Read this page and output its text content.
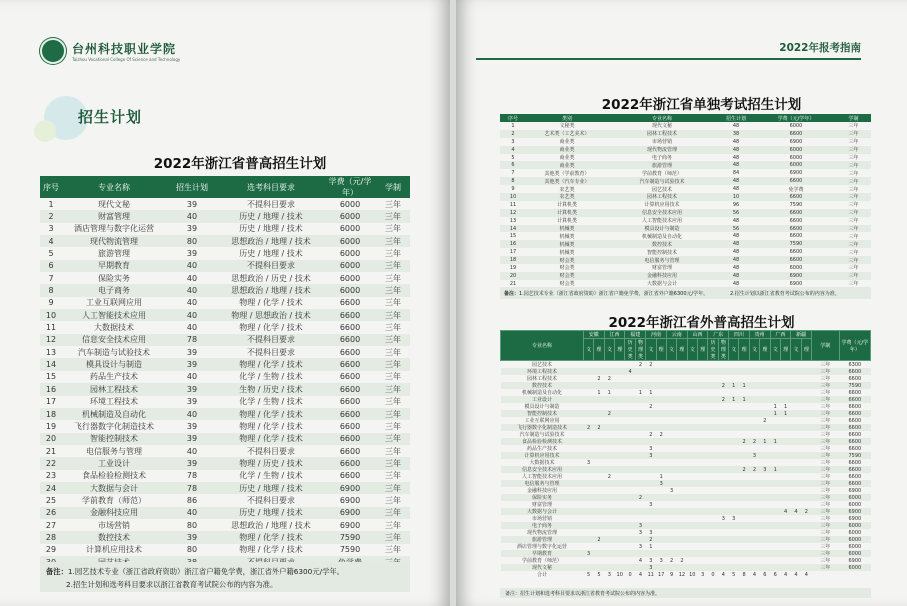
台州科技职业学院
Taizhou Vocational College Of Science and Technology
招生计划
2022年浙江省普高招生计划
序号	专业名称	招生计划	选考科目要求	学费（元/学年）	学制
1	现代文秘	39	不提科目要求	6000	三年
2	财富管理	40	历史 / 地理 / 技术	6000	三年
3	酒店管理与数字化运营	39	历史 / 地理 / 技术	6000	三年
4	现代物流管理	80	思想政治 / 地理 / 技术	6000	三年
5	旅游管理	39	历史 / 地理 / 技术	6000	三年
6	早期教育	40	不提科目要求	6000	三年
7	保险实务	40	思想政治 / 历史 / 技术	6000	三年
8	电子商务	40	思想政治 / 地理 / 技术	6000	三年
9	工业互联网应用	40	物理 / 化学 / 技术	6600	三年
10	人工智能技术应用	40	物理 / 思想政治 / 技术	6600	三年
11	大数据技术	40	物理 / 化学 / 技术	6600	三年
12	信息安全技术应用	78	不提科目要求	6600	三年
13	汽车制造与试验技术	39	不提科目要求	6600	三年
14	模具设计与制造	39	物理 / 化学 / 技术	6600	三年
15	药品生产技术	40	化学 / 生物 / 技术	6600	三年
16	园林工程技术	39	生物 / 历史 / 技术	6600	三年
17	环境工程技术	39	化学 / 生物 / 技术	6600	三年
18	机械制造及自动化	40	物理 / 化学 / 技术	6600	三年
19	飞行器数字化制造技术	39	物理 / 化学 / 技术	6600	三年
20	智能控制技术	39	物理 / 化学 / 技术	6600	三年
21	电信服务与管理	40	不提科目要求	6600	三年
22	工业设计	39	物理 / 历史 / 技术	6600	三年
23	食品检验检测技术	78	化学 / 生物 / 技术	6600	三年
24	大数据与会计	78	历史 / 地理 / 技术	6900	三年
25	学前教育（师范）	86	不提科目要求	6900	三年
26	金融科技应用	40	历史 / 地理 / 技术	6900	三年
27	市场营销	80	思想政治 / 地理 / 技术	6900	三年
28	数控技术	39	物理 / 化学 / 技术	7590	三年
29	计算机应用技术	80	物理 / 化学 / 技术	7590	三年

备注：1.园艺技术专业（浙江省政府资助）浙江省户籍免学费，浙江省外户籍6300元/学年。
2.招生计划和选考科目要求以浙江省教育考试院公布的内容为准。
2022年报考指南
2022年浙江省单独考试招生计划
序号	类别	专业名称	招生计划	学费（元/学年）	学制
1	文秘类	现代文秘	48	6000	三年
2	艺术类（工艺美术）	园林工程技术	38	6600	三年
3	商业类	市场营销	48	6900	三年
4	商业类	现代物流管理	48	6000	三年
5	商业类	电子商务	48	6000	三年
6	商业类	旅游管理	48	6000	三年
7	其他类（学前教育）	学前教育（师范）	84	6900	三年
8	其他类（汽车专业）	汽车制造与试验技术	48	6600	三年
9	农艺类	园艺技术	48	免学费	三年
10	农艺类	园林工程技术	10	6600	三年
11	计算机类	计算机应用技术	96	7590	三年
12	计算机类	信息安全技术应用	56	6600	三年
13	计算机类	人工智能技术应用	48	6600	三年
14	机械类	模具设计与制造	56	6600	三年
15	机械类	机械制造及自动化	48	6600	三年
16	机械类	数控技术	48	7590	三年
17	机械类	智能控制技术	48	6600	三年
18	财会类	电信服务与管理	48	6600	三年
19	财会类	财富管理	48	6000	三年
20	财会类	金融科技应用	48	6900	三年
21	财会类	大数据与会计	48	6900	三年
备注：1.园艺技术专业（浙江省政府资助）浙江省户籍免学费，浙江省外户籍6300元/学年。	2.招生计划以浙江省教育考试院公布的内容为准。
2022年浙江省外普高招生计划
专业名称	安徽		江西		福建		河南		云南		山西		广东		四川		贵州		广西		新疆		学制	学费（元/学年）
	文	理	文	理	历史类	物理类	文	理	文	理	文	理	历史类	物理类	文	理	文	理	文	理	文	理		
园艺技术						2	2																三年	6300
环境工程技术					4																		三年	6600
园林工程技术		2	2																				三年	6600
数控技术														2	1	1							三年	7590
机械制造及自动化		1	1			1	1																三年	6600
工业设计														2	1	1							三年	6600
模具设计与制造							2												1	1			三年	6600
智能控制技术			2																1	1			三年	6600
工业互联网应用																		2					三年	6600
飞行器数字化制造技术	2	2																					三年	6600
汽车制造与试验技术							2	2															三年	6600
食品检验检测技术																2	2	1	1				三年	6600
药品生产技术							3																三年	6600
计算机应用技术							3										3						三年	7590
大数据技术	3																						三年	6600
信息安全技术应用																2	2	3	1				三年	6600
人工智能技术应用			2					1															三年	6600
电信服务与管理								3															三年	6600
金融科技应用									3														三年	6900
保险实务						2																	三年	6000
财富管理							3																三年	6000
大数据与会计																				4	4	2	三年	6900
市场营销														3	3								三年	6900
电子商务						3																	三年	6000
现代物流管理						3	3																三年	6000
旅游管理		2					2																三年	6000
酒店管理与数字化运营						3	1																三年	6000
早期教育	3																						三年	6000
学前教育（师范）						4	3	3	2	2													三年	6900
现代文秘							3																三年	6000
合计	5	5	3	10	0	4	11	17	9	12	10	3	0	4	5	8	4	6	6	4	4	4		
备注：招生计划和选考科目要求以浙江省教育考试院公布的内容为准。
